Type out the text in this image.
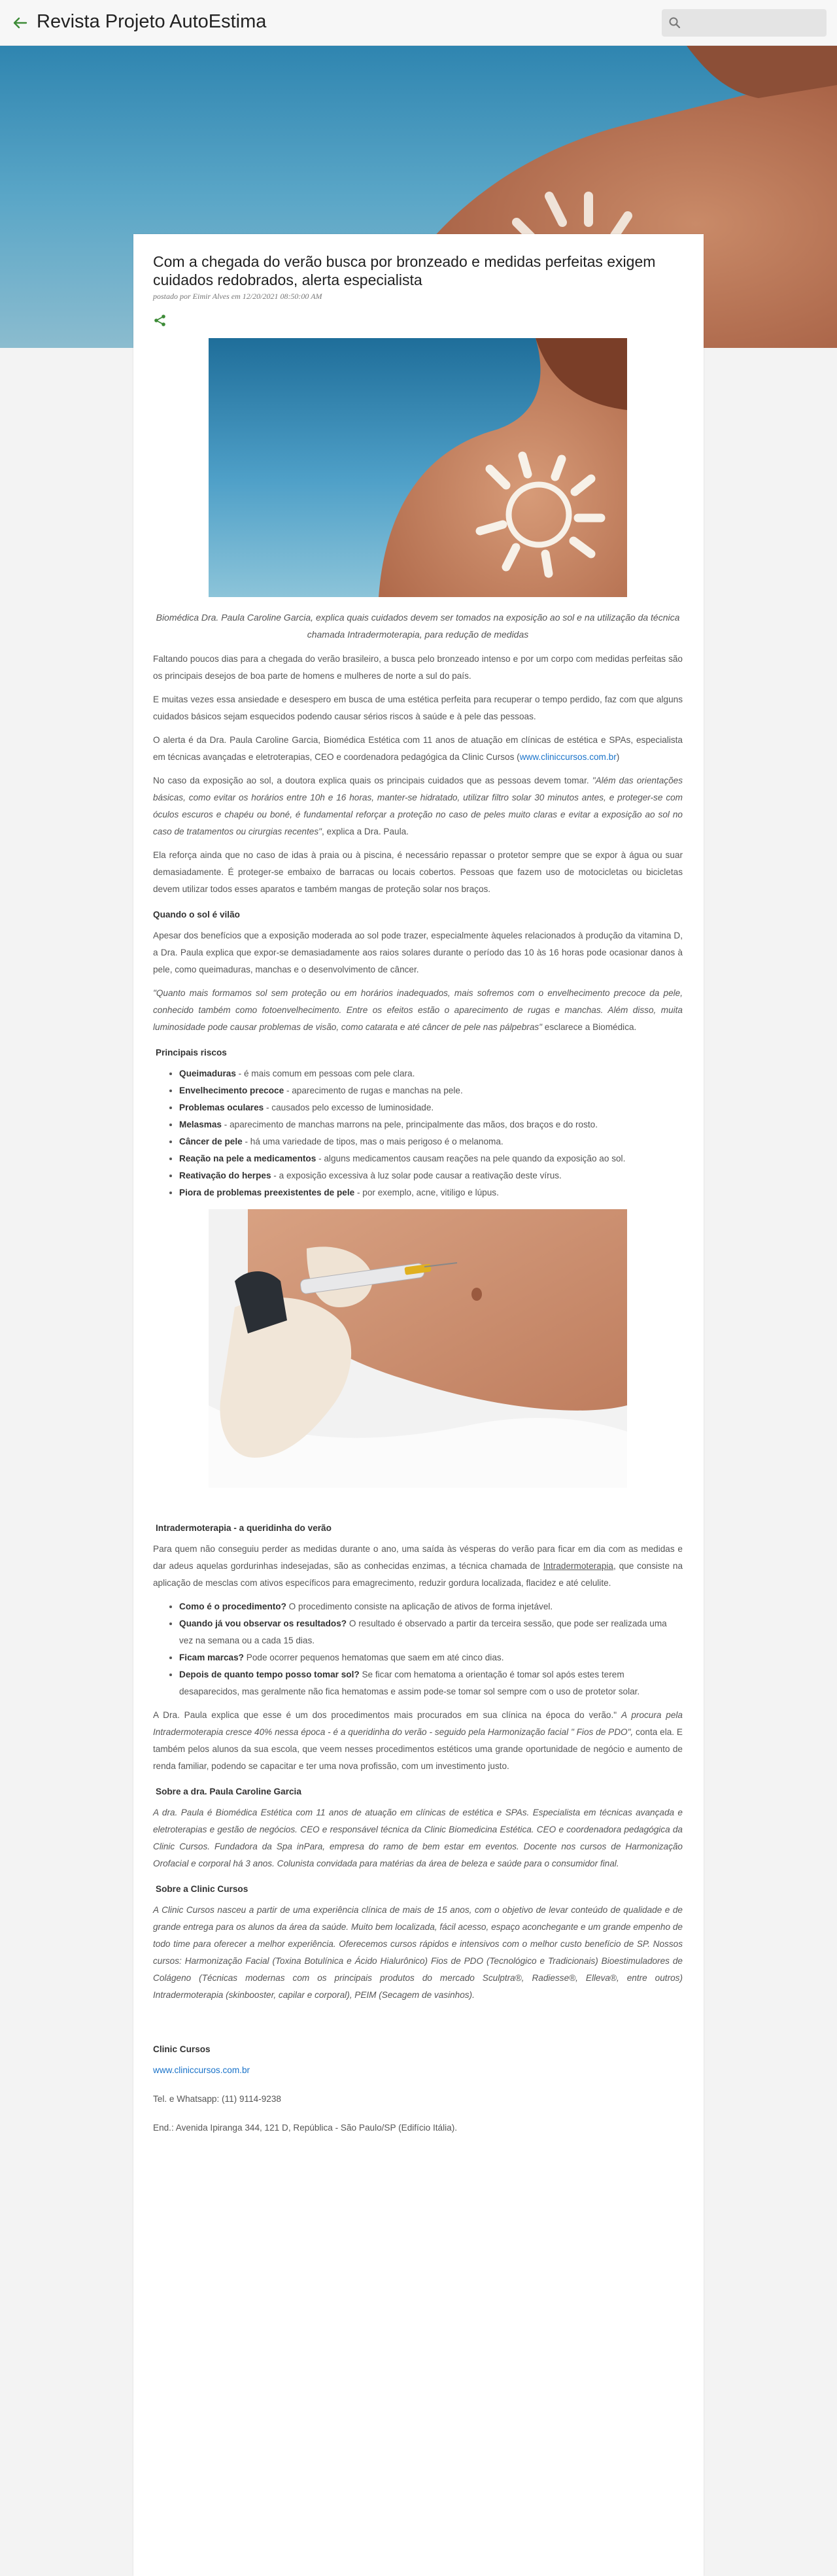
Revista Projeto AutoEstima
Com a chegada do verão busca por bronzeado e medidas perfeitas exigem cuidados redobrados, alerta especialista
postado por Eimir Alves em 12/20/2021 08:50:00 AM
Biomédica Dra. Paula Caroline Garcia, explica quais cuidados devem ser tomados na exposição ao sol e na utilização da técnica chamada Intradermoterapia, para redução de medidas

Faltando poucos dias para a chegada do verão brasileiro, a busca pelo bronzeado intenso e por um corpo com medidas perfeitas são os principais desejos de boa parte de homens e mulheres de norte a sul do país.

E muitas vezes essa ansiedade e desespero em busca de uma estética perfeita para recuperar o tempo perdido, faz com que alguns cuidados básicos sejam esquecidos podendo causar sérios riscos à saúde e à pele das pessoas.

O alerta é da Dra. Paula Caroline Garcia, Biomédica Estética com 11 anos de atuação em clínicas de estética e SPAs, especialista em técnicas avançadas e eletroterapias, CEO e coordenadora pedagógica da Clinic Cursos (www.cliniccursos.com.br)

No caso da exposição ao sol, a doutora explica quais os principais cuidados que as pessoas devem tomar. "Além das orientações básicas, como evitar os horários entre 10h e 16 horas, manter-se hidratado, utilizar filtro solar 30 minutos antes, e proteger-se com óculos escuros e chapéu ou boné, é fundamental reforçar a proteção no caso de peles muito claras e evitar a exposição ao sol no caso de tratamentos ou cirurgias recentes", explica a Dra. Paula.

Ela reforça ainda que no caso de idas à praia ou à piscina, é necessário repassar o protetor sempre que se expor à água ou suar demasiadamente. É proteger-se embaixo de barracas ou locais cobertos. Pessoas que fazem uso de motocicletas ou bicicletas devem utilizar todos esses aparatos e também mangas de proteção solar nos braços.

Quando o sol é vilão

Apesar dos benefícios que a exposição moderada ao sol pode trazer, especialmente àqueles relacionados à produção da vitamina D, a Dra. Paula explica que expor-se demasiadamente aos raios solares durante o período das 10 às 16 horas pode ocasionar danos à pele, como queimaduras, manchas e o desenvolvimento de câncer.

"Quanto mais formamos sol sem proteção ou em horários inadequados, mais sofremos com o envelhecimento precoce da pele, conhecido também como fotoenvelhecimento. Entre os efeitos estão o aparecimento de rugas e manchas. Além disso, muita luminosidade pode causar problemas de visão, como catarata e até câncer de pele nas pálpebras" esclarece a Biomédica.

Principais riscos
• Queimaduras - é mais comum em pessoas com pele clara.
• Envelhecimento precoce - aparecimento de rugas e manchas na pele.
• Problemas oculares - causados pelo excesso de luminosidade.
• Melasmas - aparecimento de manchas marrons na pele, principalmente das mãos, dos braços e do rosto.
• Câncer de pele - há uma variedade de tipos, mas o mais perigoso é o melanoma.
• Reação na pele a medicamentos - alguns medicamentos causam reações na pele quando da exposição ao sol.
• Reativação do herpes - a exposição excessiva à luz solar pode causar a reativação deste vírus.
• Piora de problemas preexistentes de pele - por exemplo, acne, vitiligo e lúpus.
Intradermoterapia - a queridinha do verão

Para quem não conseguiu perder as medidas durante o ano, uma saída às vésperas do verão para ficar em dia com as medidas e dar adeus aquelas gordurinhas indesejadas, são as conhecidas enzimas, a técnica chamada de Intradermoterapia, que consiste na aplicação de mesclas com ativos específicos para emagrecimento, reduzir gordura localizada, flacidez e até celulite.

• Como é o procedimento? O procedimento consiste na aplicação de ativos de forma injetável.
• Quando já vou observar os resultados? O resultado é observado a partir da terceira sessão, que pode ser realizada uma vez na semana ou a cada 15 dias.
• Ficam marcas? Pode ocorrer pequenos hematomas que saem em até cinco dias.
• Depois de quanto tempo posso tomar sol? Se ficar com hematoma a orientação é tomar sol após estes terem desaparecidos, mas geralmente não fica hematomas e assim pode-se tomar sol sempre com o uso de protetor solar.

A Dra. Paula explica que esse é um dos procedimentos mais procurados em sua clínica na época do verão." A procura pela Intradermoterapia cresce 40% nessa época - é a queridinha do verão - seguido pela Harmonização facial " Fios de PDO", conta ela. E também pelos alunos da sua escola, que veem nesses procedimentos estéticos uma grande oportunidade de negócio e aumento de renda familiar, podendo se capacitar e ter uma nova profissão, com um investimento justo.

Sobre a dra. Paula Caroline Garcia

A dra. Paula é Biomédica Estética com 11 anos de atuação em clínicas de estética e SPAs. Especialista em técnicas avançada e eletroterapias e gestão de negócios. CEO e responsável técnica da Clinic Biomedicina Estética. CEO e coordenadora pedagógica da Clinic Cursos. Fundadora da Spa inPara, empresa do ramo de bem estar em eventos. Docente nos cursos de Harmonização Orofacial e corporal há 3 anos. Colunista convidada para matérias da área de beleza e saúde para o consumidor final.

Sobre a Clinic Cursos

A Clinic Cursos nasceu a partir de uma experiência clínica de mais de 15 anos, com o objetivo de levar conteúdo de qualidade e de grande entrega para os alunos da área da saúde. Muito bem localizada, fácil acesso, espaço aconchegante e um grande empenho de todo time para oferecer a melhor experiência. Oferecemos cursos rápidos e intensivos com o melhor custo benefício de SP. Nossos cursos: Harmonização Facial (Toxina Botulínica e Ácido Hialurônico) Fios de PDO (Tecnológico e Tradicionais) Bioestimuladores de Colágeno (Técnicas modernas com os principais produtos do mercado Sculptra®, Radiesse®, Ellevа®, entre outros) Intradermoterapia (skinbooster, capilar e corporal), PEIM (Secagem de vasinhos).

Clinic Cursos

www.cliniccursos.com.br

Tel. e Whatsapp: (11) 9114-9238

End.: Avenida Ipiranga 344, 121 D, República - São Paulo/SP (Edifício Itália).
